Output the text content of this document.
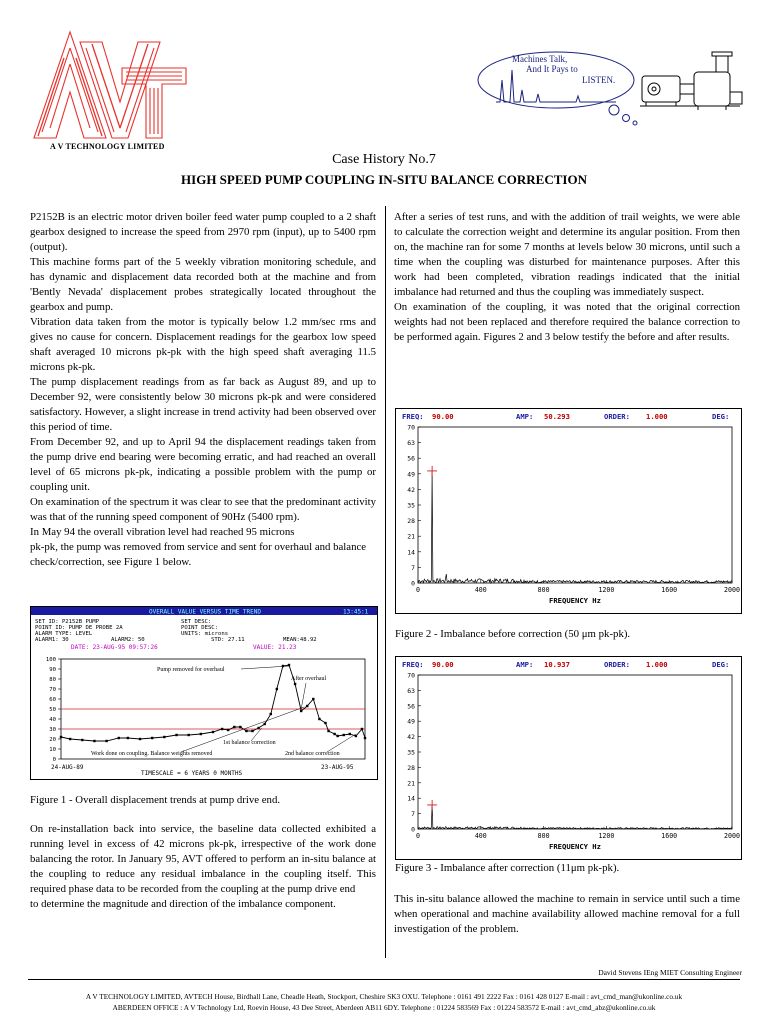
A V TECHNOLOGY LIMITED
Machines Talk,
And It Pays to
LISTEN.
Case History No.7
HIGH SPEED PUMP COUPLING IN-SITU BALANCE CORRECTION

P2152B is an electric motor driven boiler feed water pump coupled to a 2 shaft gearbox designed to increase the speed from 2970 rpm (input), up to 5400 rpm (output).

This machine forms part of the 5 weekly vibration monitoring schedule, and has dynamic and displacement data recorded both at the machine and from 'Bently Nevada' displacement probes strategically located throughout the gearbox and pump.

Vibration data taken from the motor is typically below 1.2 mm/sec rms and gives no cause for concern. Displacement readings for the gearbox low speed shaft averaged 10 microns pk-pk with the high speed shaft averaging 11.5 microns pk-pk.

The pump displacement readings from as far back as August 89, and up to December 92, were consistently below 30 microns pk-pk and were considered satisfactory. However, a slight increase in trend activity had been observed over this period of time.

From December 92, and up to April 94 the displacement readings taken from the pump drive end bearing were becoming erratic, and had reached an overall level of 65 microns pk-pk, indicating a possible problem with the pump or coupling unit.

On examination of the spectrum it was clear to see that the predominant activity was that of the running speed component of 90Hz (5400 rpm).

In May 94 the overall vibration level had reached 95 microns

pk-pk, the pump was removed from service and sent for overhaul and balance check/correction, see Figure 1 below.

OVERALL VALUE VERSUS TIME TREND	13:45:1
SET ID: P2152B PUMP	SET DESC:
POINT ID: PUMP DE PROBE 2A	POINT DESC:
ALARM TYPE: LEVEL	UNITS: microns
ALARM1: 30	ALARM2: 50	STD: 27.11	MEAN:48.92
DATE: 23-AUG-95 09:57:26	VALUE: 21.23
100
90
80
70
60
50
40
30
20
10
0
24-AUG-89	23-AUG-95
TIMESCALE = 6 YEARS 0 MONTHS
Pump removed for overhaul
After overhaul
1st balance correction
Work done on coupling. Balance weights removed	2nd balance correction
Figure 1 - Overall displacement trends at pump drive end.

On re-installation back into service, the baseline data collected exhibited a running level in excess of 42 microns pk-pk, irrespective of the work done balancing the rotor. In January 95, AVT offered to perform an in-situ balance at the coupling to reduce any residual imbalance in the coupling itself. This required phase data to be recorded from the coupling at the pump drive end

to determine the magnitude and direction of the imbalance component.

After a series of test runs, and with the addition of trail weights, we were able to calculate the correction weight and determine its angular position. From then on, the machine ran for some 7 months at levels below 30 microns, until such a time when the coupling was disturbed for maintenance purposes. After this work had been completed, vibration readings indicated that the initial imbalance had returned and thus the coupling was immediately suspect.

On examination of the coupling, it was noted that the original correction weights had not been replaced and therefore required the balance correction to be performed again. Figures 2 and 3 below testify the before and after results.

FREQ: 90.00	AMP: 50.293	ORDER: 1.000	DEG:
70
63
56
49
42
35
28
21
14
7
0
0	400	800	1200	1600	2000
FREQUENCY Hz
Figure 2 - Imbalance before correction (50 μm pk-pk).
FREQ: 90.00	AMP: 10.937	ORDER: 1.000	DEG:
70
63
56
49
42
35
28
21
14
7
0
0	400	800	1200	1600	2000
FREQUENCY Hz
Figure 3 - Imbalance after correction (11μm pk-pk).

This in-situ balance allowed the machine to remain in service until such a time when operational and machine availability allowed machine removal for a full investigation of the problem.

David Stevens IEng MIET Consulting Engineer
A V TECHNOLOGY LIMITED, AVTECH House, Birdhall Lane, Cheadle Heath, Stockport, Cheshire SK3 OXU. Telephone : 0161 491 2222 Fax : 0161 428 0127 E-mail : avt_cmd_man@ukonline.co.uk
ABERDEEN OFFICE : A V Technology Ltd, Roevin House, 43 Dee Street, Aberdeen AB11 6DY. Telephone : 01224 583569 Fax : 01224 583572 E-mail : avt_cmd_abz@ukonline.co.uk
